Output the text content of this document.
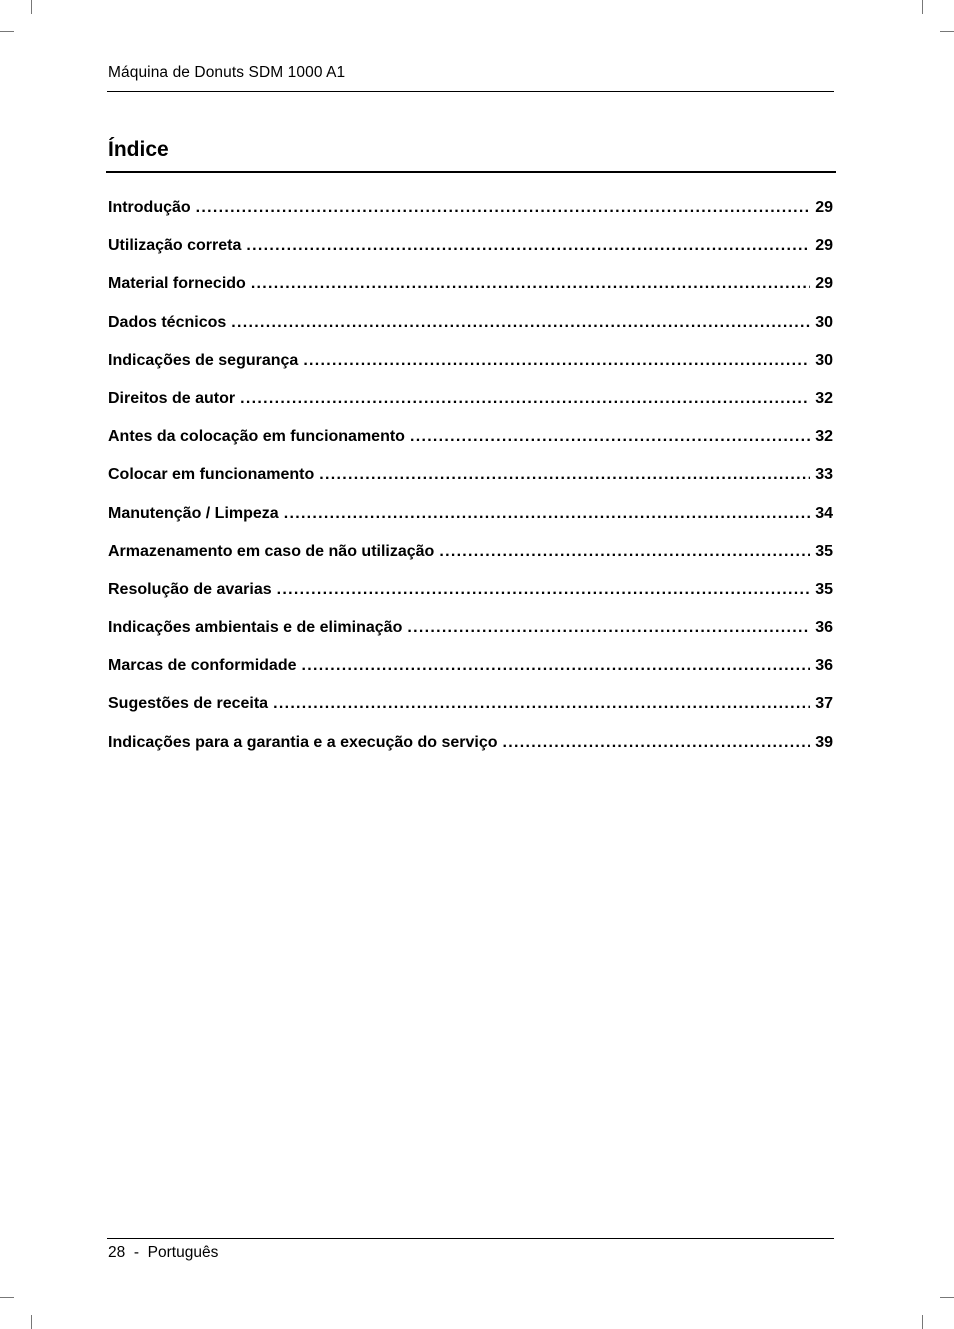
Máquina de Donuts SDM 1000 A1
Índice
Introdução .....	29
Utilização correta .....	29
Material fornecido .....	29
Dados técnicos .....	30
Indicações de segurança .....	30
Direitos de autor .....	32
Antes da colocação em funcionamento .....	32
Colocar em funcionamento .....	33
Manutenção / Limpeza .....	34
Armazenamento em caso de não utilização .....	35
Resolução de avarias .....	35
Indicações ambientais e de eliminação .....	36
Marcas de conformidade .....	36
Sugestões de receita .....	37
Indicações para a garantia e a execução do serviço .....	39
28 - Português
